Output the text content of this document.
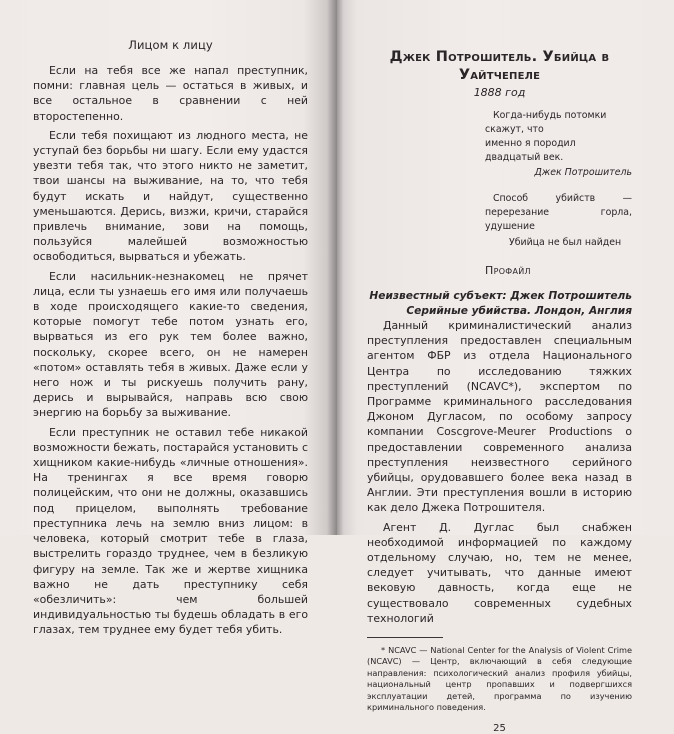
Лицом к лицу

Если на тебя все же напал преступник, помни: главная цель — остаться в живых, и все остальное в сравнении с ней второстепенно.

Если тебя похищают из людного места, не уступай без борьбы ни шагу. Если ему удастся увезти тебя так, что этого никто не заметит, твои шансы на выживание, на то, что тебя будут искать и найдут, существенно уменьшаются. Дерись, визжи, кричи, старайся привлечь внимание, зови на помощь, пользуйся малейшей возможностью освободиться, вырваться и убежать.

Если насильник-незнакомец не прячет лица, если ты узнаешь его имя или получаешь в ходе происходящего какие-то сведения, которые помогут тебе потом узнать его, вырваться из его рук тем более важно, поскольку, скорее всего, он не намерен «потом» оставлять тебя в живых. Даже если у него нож и ты рискуешь получить рану, дерись и вырывайся, направь всю свою энергию на борьбу за выживание.

Если преступник не оставил тебе никакой возможности бежать, постарайся установить с хищником какие-нибудь «личные отношения». На тренингах я все время говорю полицейским, что они не должны, оказавшись под прицелом, выполнять требование преступника лечь на землю вниз лицом: в человека, который смотрит тебе в глаза, выстрелить гораздо труднее, чем в безликую фигуру на земле. Так же и жертве хищника важно не дать преступнику себя «обезличить»: чем большей индивидуальностью ты будешь обладать в его глазах, тем труднее ему будет тебя убить.

Джек Потрошитель. Убийца в Уайтчепеле
1888 год
Когда-нибудь потомки скажут, что
именно я породил двадцатый век.
Джек Потрошитель
Способ убийств — перерезание горла, удушение
Убийца не был найден
Профайл
Неизвестный субъект: Джек Потрошитель
Серийные убийства. Лондон, Англия

Данный криминалистический анализ преступления предоставлен специальным агентом ФБР из отдела Национального Центра по исследованию тяжких преступлений (NCAVC*), экспертом по Программе криминального расследования Джоном Дугласом, по особому запросу компании Coscgrove-Meurer Productions о предоставлении современного анализа преступления неизвестного серийного убийцы, орудовавшего более века назад в Англии. Эти преступления вошли в историю как дело Джека Потрошителя.

Агент Д. Дуглас был снабжен необходимой информацией по каждому отдельному случаю, но, тем не менее, следует учитывать, что данные имеют вековую давность, когда еще не существовало современных судебных технологий

* NCAVC — National Center for the Analysis of Violent Crime (NCAVC) — Центр, включающий в себя следующие направления: психологический анализ профиля убийцы, национальный центр пропавших и подвергшихся эксплуатации детей, программа по изучению криминального поведения.

25
